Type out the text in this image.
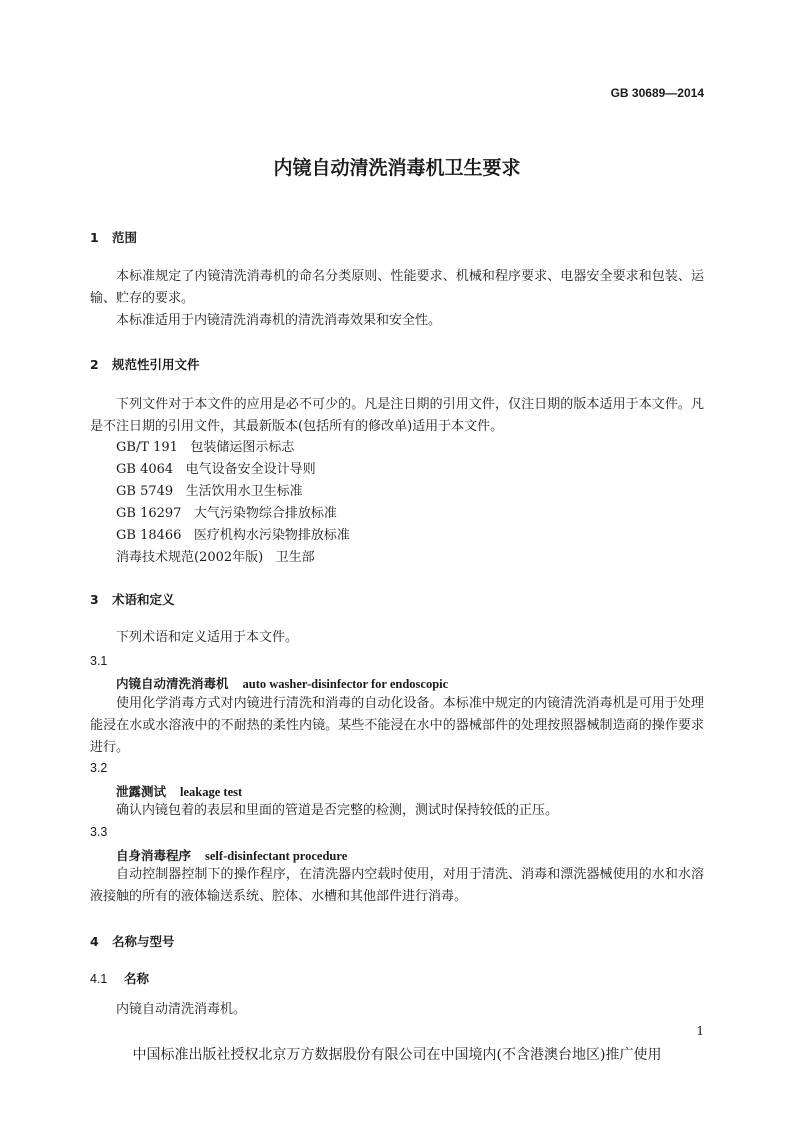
GB 30689—2014
内镜自动清洗消毒机卫生要求
1 范围
本标准规定了内镜清洗消毒机的命名分类原则、性能要求、机械和程序要求、电器安全要求和包装、运输、贮存的要求。
本标准适用于内镜清洗消毒机的清洗消毒效果和安全性。
2 规范性引用文件
下列文件对于本文件的应用是必不可少的。凡是注日期的引用文件，仅注日期的版本适用于本文件。凡是不注日期的引用文件，其最新版本(包括所有的修改单)适用于本文件。
GB/T 191 包装储运图示标志
GB 4064 电气设备安全设计导则
GB 5749 生活饮用水卫生标准
GB 16297 大气污染物综合排放标准
GB 18466 医疗机构水污染物排放标准
消毒技术规范(2002年版) 卫生部
3 术语和定义
下列术语和定义适用于本文件。
3.1
内镜自动清洗消毒机 auto washer-disinfector for endoscopic
使用化学消毒方式对内镜进行清洗和消毒的自动化设备。本标准中规定的内镜清洗消毒机是可用于处理能浸在水或水溶液中的不耐热的柔性内镜。某些不能浸在水中的器械部件的处理按照器械制造商的操作要求进行。
3.2
泄露测试 leakage test
确认内镜包着的表层和里面的管道是否完整的检测，测试时保持较低的正压。
3.3
自身消毒程序 self-disinfectant procedure
自动控制器控制下的操作程序，在清洗器内空载时使用，对用于清洗、消毒和漂洗器械使用的水和水溶液接触的所有的液体输送系统、腔体、水槽和其他部件进行消毒。
4 名称与型号
4.1 名称
内镜自动清洗消毒机。
1
中国标准出版社授权北京万方数据股份有限公司在中国境内(不含港澳台地区)推广使用
